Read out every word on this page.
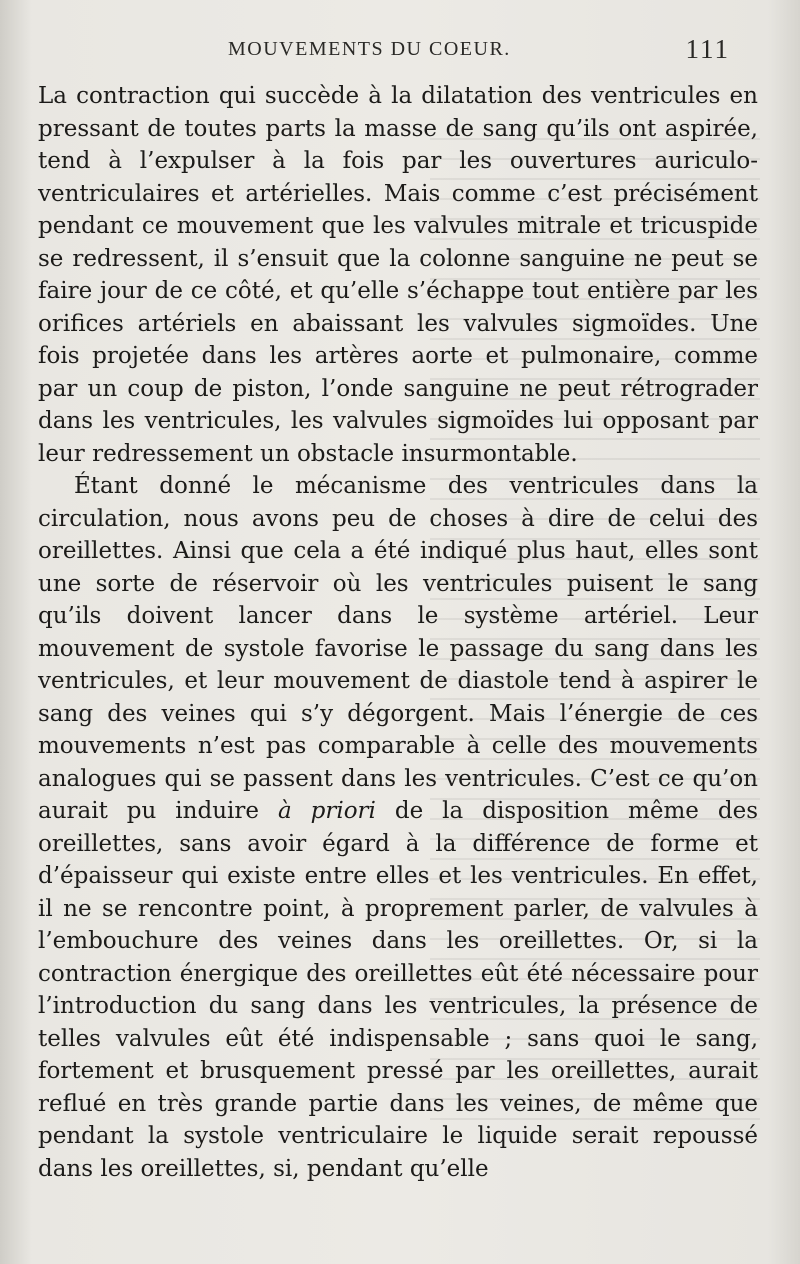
MOUVEMENTS DU COEUR.	111

La contraction qui succède à la dilatation des ventricules en pressant de toutes parts la masse de sang qu’ils ont aspirée, tend à l’expulser à la fois par les ouvertures auriculo-ventriculaires et artérielles. Mais comme c’est précisément pendant ce mouvement que les valvules mitrale et tricuspide se redressent, il s’ensuit que la colonne sanguine ne peut se faire jour de ce côté, et qu’elle s’échappe tout entière par les orifices artériels en abaissant les valvules sigmoïdes. Une fois projetée dans les artères aorte et pulmonaire, comme par un coup de piston, l’onde sanguine ne peut rétrograder dans les ventricules, les valvules sigmoïdes lui opposant par leur redressement un obstacle insurmontable.

Étant donné le mécanisme des ventricules dans la circulation, nous avons peu de choses à dire de celui des oreillettes. Ainsi que cela a été indiqué plus haut, elles sont une sorte de réservoir où les ventricules puisent le sang qu’ils doivent lancer dans le système artériel. Leur mouvement de systole favorise le passage du sang dans les ventricules, et leur mouvement de diastole tend à aspirer le sang des veines qui s’y dégorgent. Mais l’énergie de ces mouvements n’est pas comparable à celle des mouvements analogues qui se passent dans les ventricules. C’est ce qu’on aurait pu induire à priori de la disposition même des oreillettes, sans avoir égard à la différence de forme et d’épaisseur qui existe entre elles et les ventricules. En effet, il ne se rencontre point, à proprement parler, de valvules à l’embouchure des veines dans les oreillettes. Or, si la contraction énergique des oreillettes eût été nécessaire pour l’introduction du sang dans les ventricules, la présence de telles valvules eût été indispensable ; sans quoi le sang, fortement et brusquement pressé par les oreillettes, aurait reflué en très grande partie dans les veines, de même que pendant la systole ventriculaire le liquide serait repoussé dans les oreillettes, si, pendant qu’elle
